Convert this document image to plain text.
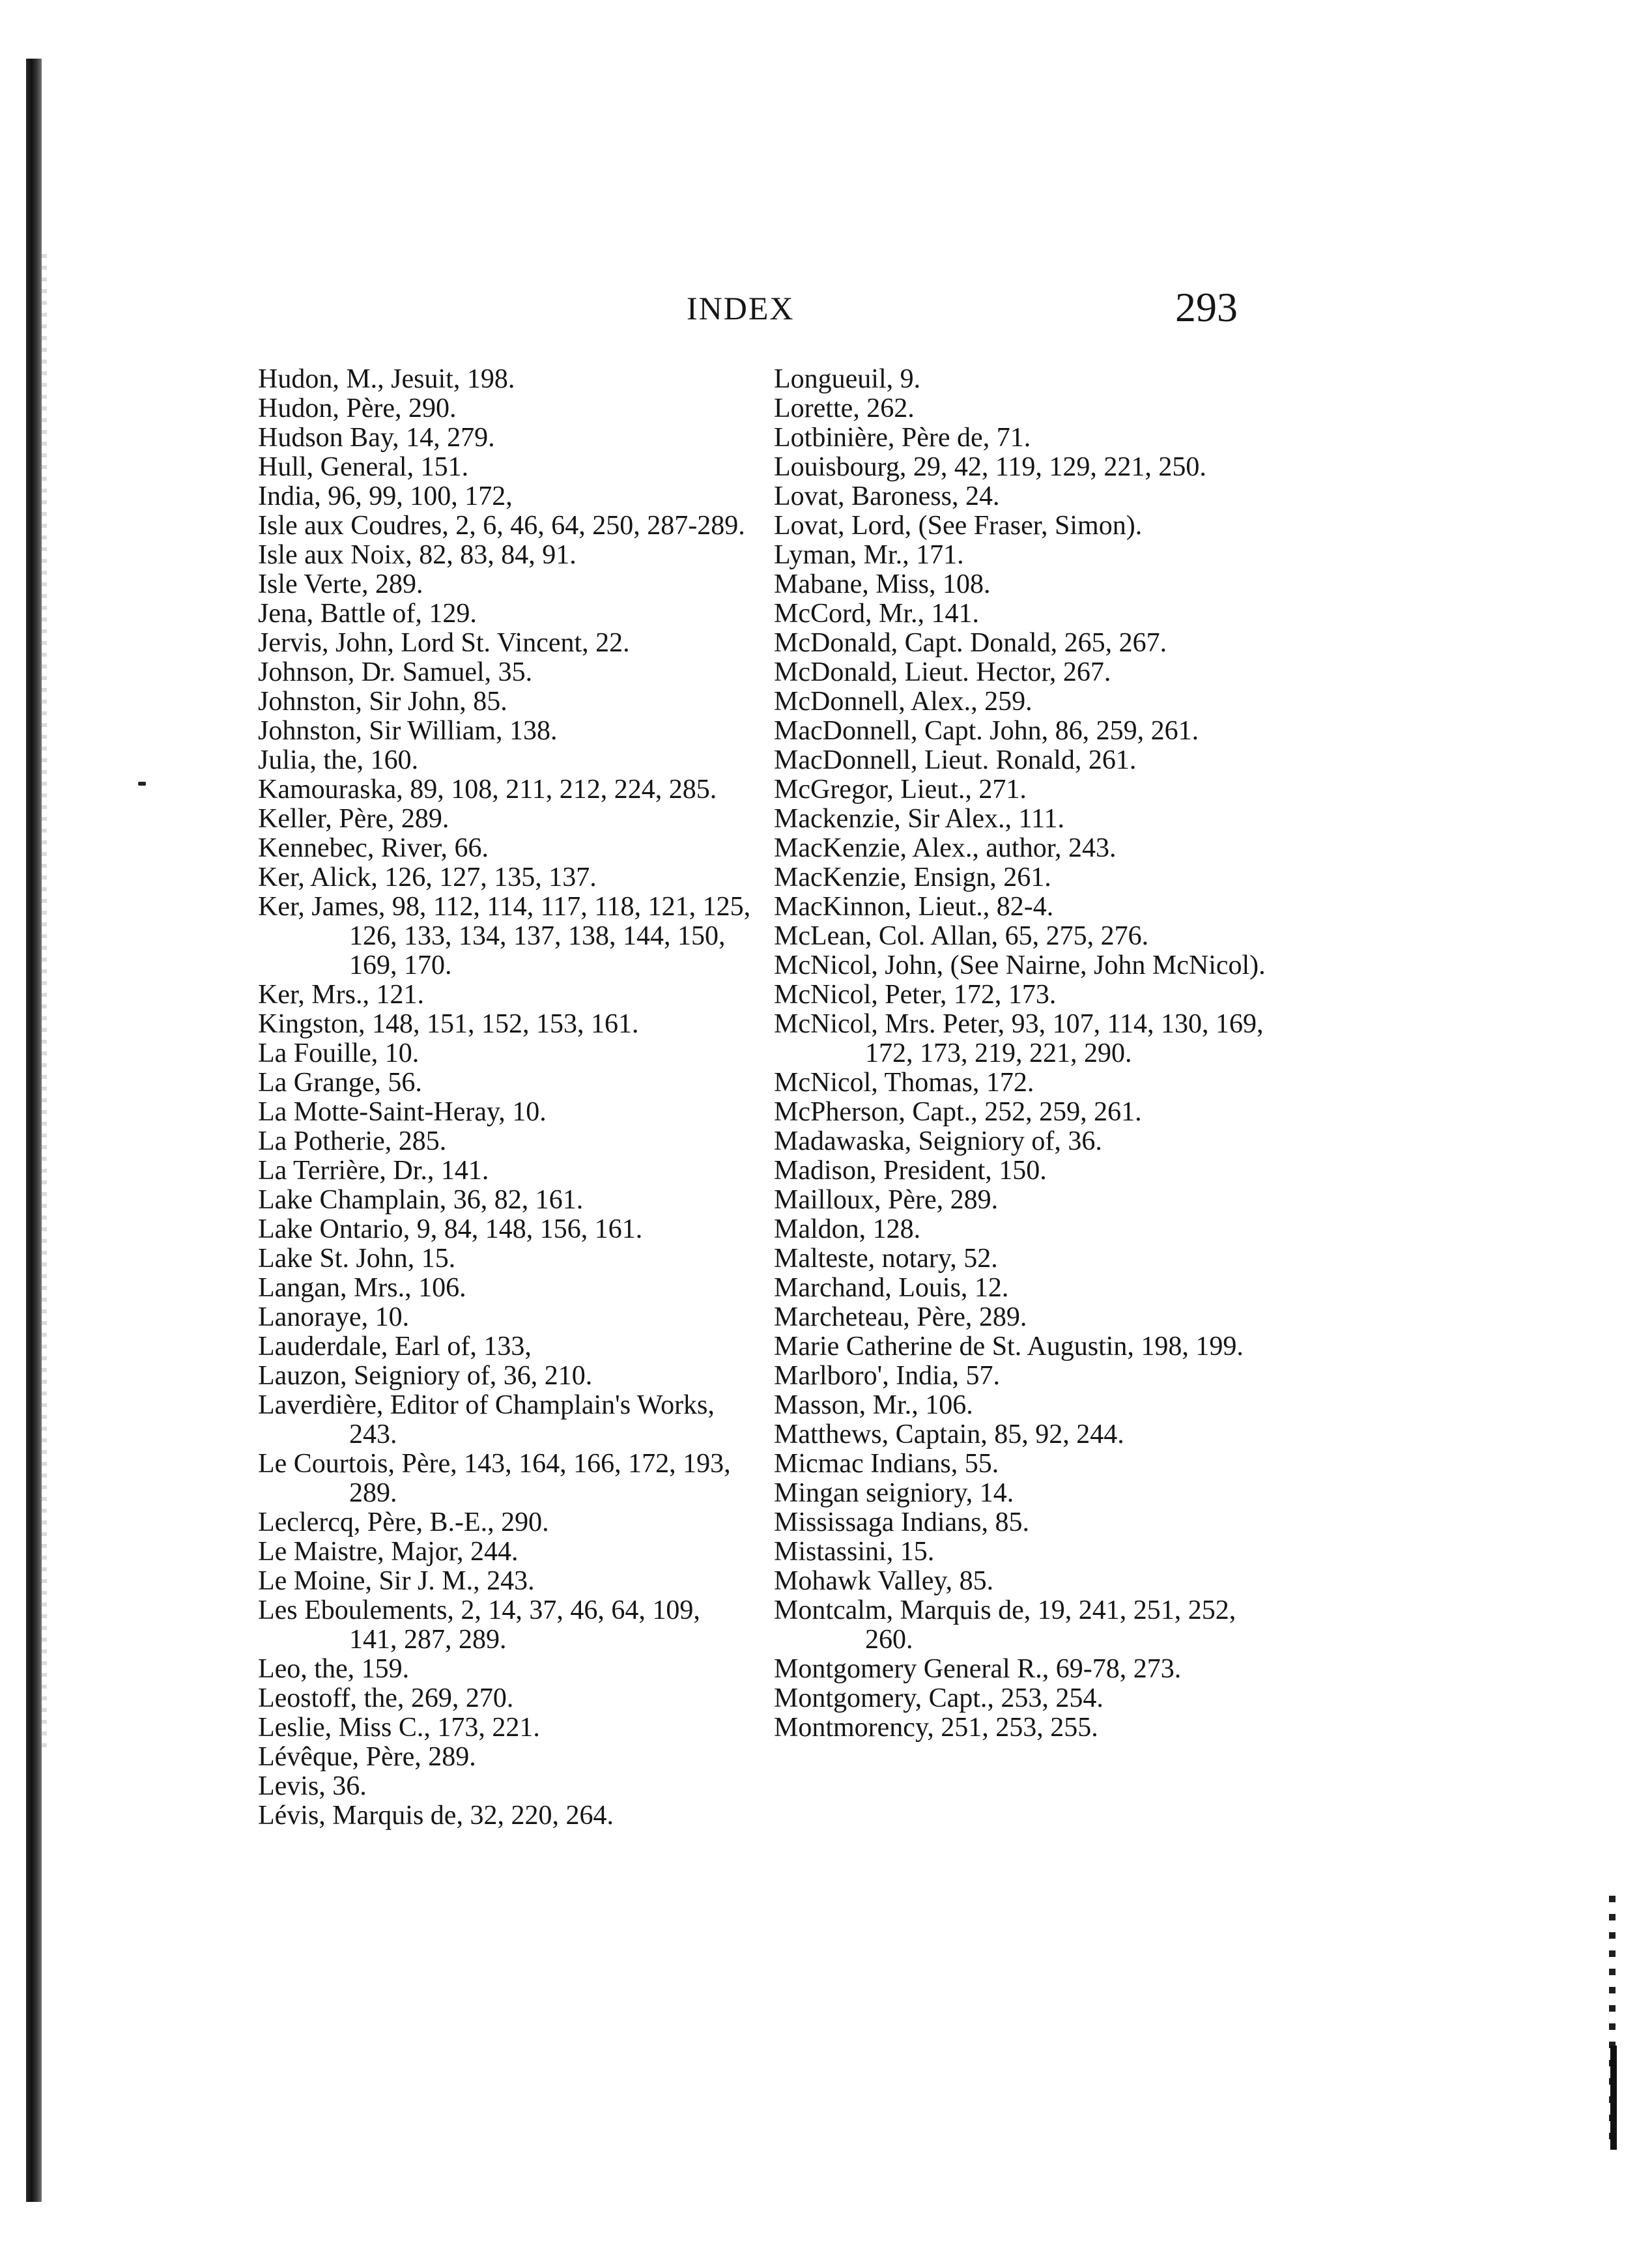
INDEX	293
Hudon, M., Jesuit, 198.
Hudon, Père, 290.
Hudson Bay, 14, 279.
Hull, General, 151.
India, 96, 99, 100, 172,
Isle aux Coudres, 2, 6, 46, 64, 250, 287-289.
Isle aux Noix, 82, 83, 84, 91.
Isle Verte, 289.
Jena, Battle of, 129.
Jervis, John, Lord St. Vincent, 22.
Johnson, Dr. Samuel, 35.
Johnston, Sir John, 85.
Johnston, Sir William, 138.
Julia, the, 160.
Kamouraska, 89, 108, 211, 212, 224, 285.
Keller, Père, 289.
Kennebec, River, 66.
Ker, Alick, 126, 127, 135, 137.
Ker, James, 98, 112, 114, 117, 118, 121, 125, 126, 133, 134, 137, 138, 144, 150, 169, 170.
Ker, Mrs., 121.
Kingston, 148, 151, 152, 153, 161.
La Fouille, 10.
La Grange, 56.
La Motte-Saint-Heray, 10.
La Potherie, 285.
La Terrière, Dr., 141.
Lake Champlain, 36, 82, 161.
Lake Ontario, 9, 84, 148, 156, 161.
Lake St. John, 15.
Langan, Mrs., 106.
Lanoraye, 10.
Lauderdale, Earl of, 133,
Lauzon, Seigniory of, 36, 210.
Laverdière, Editor of Champlain's Works, 243.
Le Courtois, Père, 143, 164, 166, 172, 193, 289.
Leclercq, Père, B.-E., 290.
Le Maistre, Major, 244.
Le Moine, Sir J. M., 243.
Les Eboulements, 2, 14, 37, 46, 64, 109, 141, 287, 289.
Leo, the, 159.
Leostoff, the, 269, 270.
Leslie, Miss C., 173, 221.
Lévêque, Père, 289.
Levis, 36.
Lévis, Marquis de, 32, 220, 264.
Longueuil, 9.
Lorette, 262.
Lotbinière, Père de, 71.
Louisbourg, 29, 42, 119, 129, 221, 250.
Lovat, Baroness, 24.
Lovat, Lord, (See Fraser, Simon).
Lyman, Mr., 171.
Mabane, Miss, 108.
McCord, Mr., 141.
McDonald, Capt. Donald, 265, 267.
McDonald, Lieut. Hector, 267.
McDonnell, Alex., 259.
MacDonnell, Capt. John, 86, 259, 261.
MacDonnell, Lieut. Ronald, 261.
McGregor, Lieut., 271.
Mackenzie, Sir Alex., 111.
MacKenzie, Alex., author, 243.
MacKenzie, Ensign, 261.
MacKinnon, Lieut., 82-4.
McLean, Col. Allan, 65, 275, 276.
McNicol, John, (See Nairne, John McNicol).
McNicol, Peter, 172, 173.
McNicol, Mrs. Peter, 93, 107, 114, 130, 169, 172, 173, 219, 221, 290.
McNicol, Thomas, 172.
McPherson, Capt., 252, 259, 261.
Madawaska, Seigniory of, 36.
Madison, President, 150.
Mailloux, Père, 289.
Maldon, 128.
Malteste, notary, 52.
Marchand, Louis, 12.
Marcheteau, Père, 289.
Marie Catherine de St. Augustin, 198, 199.
Marlboro', India, 57.
Masson, Mr., 106.
Matthews, Captain, 85, 92, 244.
Micmac Indians, 55.
Mingan seigniory, 14.
Mississaga Indians, 85.
Mistassini, 15.
Mohawk Valley, 85.
Montcalm, Marquis de, 19, 241, 251, 252, 260.
Montgomery General R., 69-78, 273.
Montgomery, Capt., 253, 254.
Montmorency, 251, 253, 255.
